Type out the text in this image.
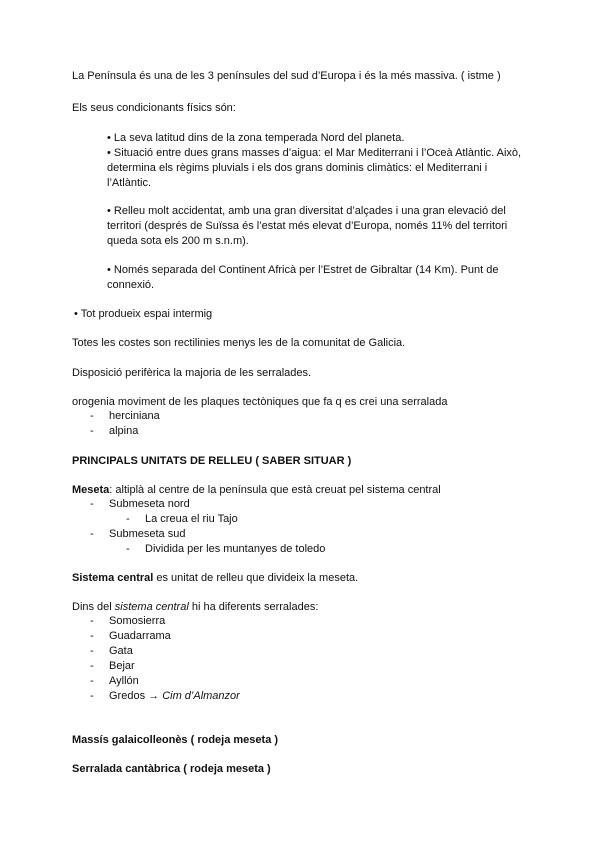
La Península és una de les 3 penínsules del sud d’Europa i és la més massiva. ( istme )
Els seus condicionants físics són:
• La seva latitud dins de la zona temperada Nord del planeta.
• Situació entre dues grans masses d’aigua: el Mar Mediterrani i l’Oceà Atlàntic. Això, determina els règims pluvials i els dos grans dominis climàtics: el Mediterrani i l’Atlàntic.
• Relleu molt accidentat, amb una gran diversitat d’alçades i una gran elevació del territori (després de Suïssa és l’estat més elevat d’Europa, només 11% del territori queda sota els 200 m s.n.m).
• Només separada del Continent Africà per l’Estret de Gibraltar (14 Km). Punt de connexió.
• Tot produeix espai intermig
Totes les costes son rectilinies menys les de la comunitat de Galicia.
Disposició perifèrica la majoria de les serralades.
orogenia moviment de les plaques tectòniques que fa q es crei una serralada
- herciniana
- alpina
PRINCIPALS UNITATS DE RELLEU ( SABER SITUAR )
Meseta: altiplà al centre de la península que està creuat pel sistema central
- Submeseta nord
- La creua el riu Tajo
- Submeseta sud
- Dividida per les muntanyes de toledo
Sistema central es unitat de relleu que divideix la meseta.
Dins del sistema central hi ha diferents serralades:
- Somosierra
- Guadarrama
- Gata
- Bejar
- Ayllón
- Gredos → Cim d’Almanzor
Massís galaicolleonès ( rodeja meseta )
Serralada cantàbrica ( rodeja meseta )
